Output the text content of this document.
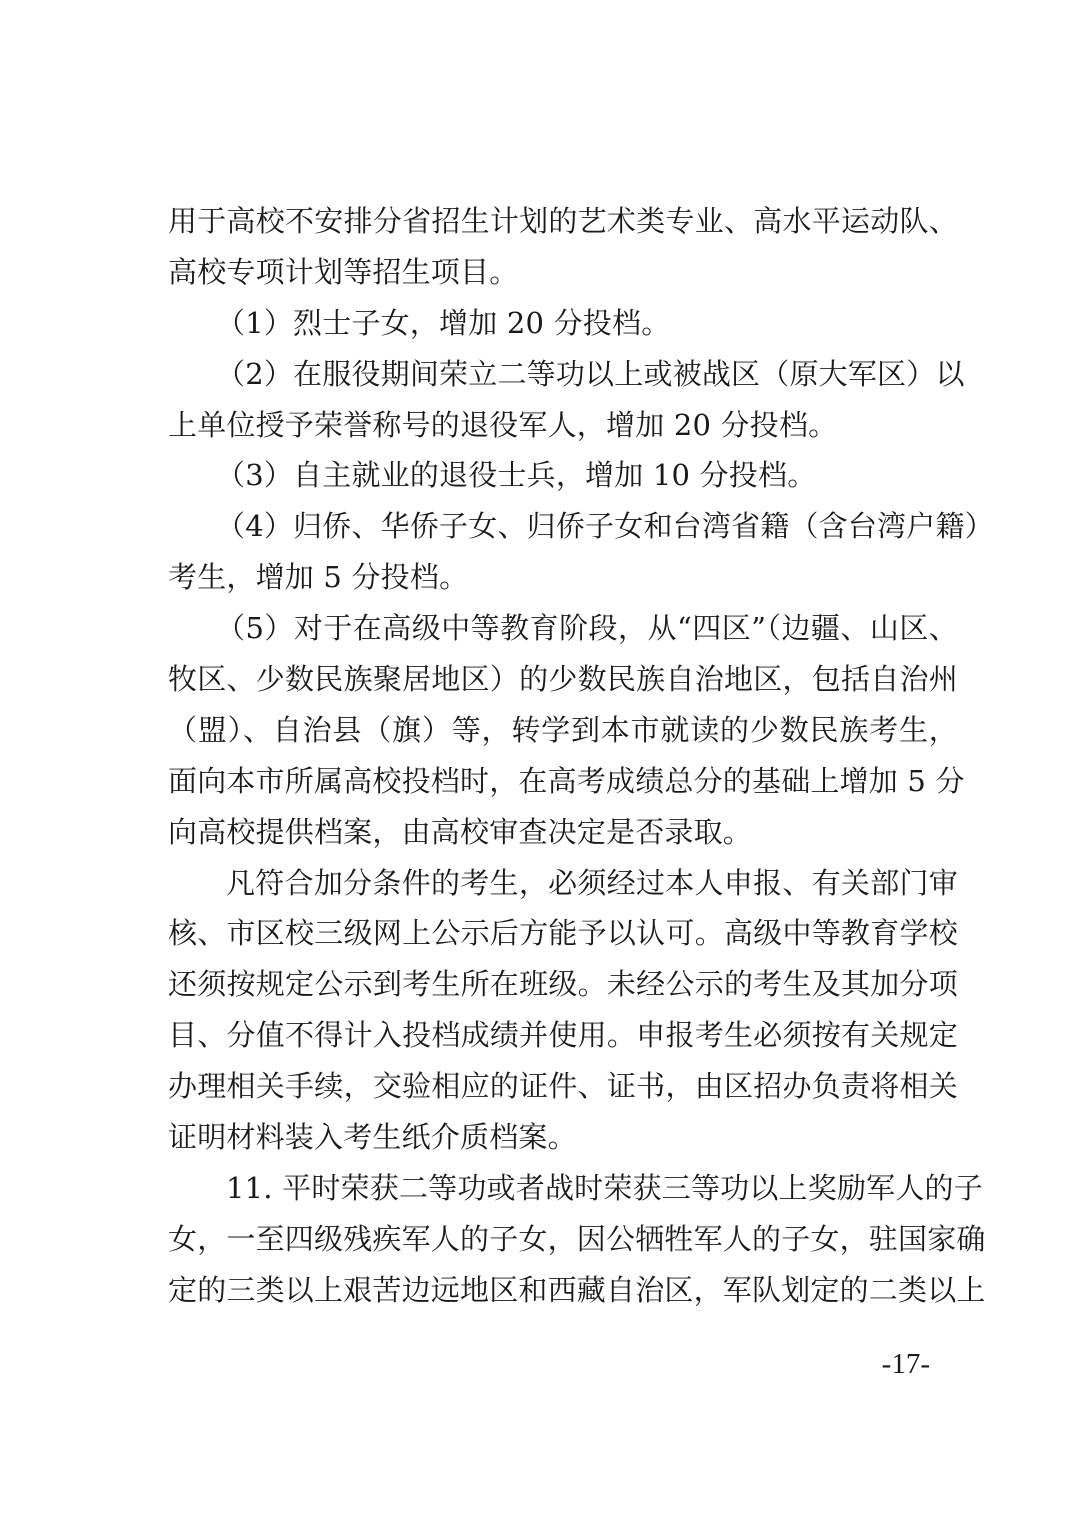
用于高校不安排分省招生计划的艺术类专业、高水平运动队、
高校专项计划等招生项目。
（1）烈士子女，增加 20 分投档。
（2）在服役期间荣立二等功以上或被战区（原大军区）以
上单位授予荣誉称号的退役军人，增加 20 分投档。
（3）自主就业的退役士兵，增加 10 分投档。
（4）归侨、华侨子女、归侨子女和台湾省籍（含台湾户籍）
考生，增加 5 分投档。
（5）对于在高级中等教育阶段，从“四区”（边疆、山区、
牧区、少数民族聚居地区）的少数民族自治地区，包括自治州
（盟）、自治县（旗）等，转学到本市就读的少数民族考生，
面向本市所属高校投档时，在高考成绩总分的基础上增加 5 分
向高校提供档案，由高校审查决定是否录取。
凡符合加分条件的考生，必须经过本人申报、有关部门审
核、市区校三级网上公示后方能予以认可。高级中等教育学校
还须按规定公示到考生所在班级。未经公示的考生及其加分项
目、分值不得计入投档成绩并使用。申报考生必须按有关规定
办理相关手续，交验相应的证件、证书，由区招办负责将相关
证明材料装入考生纸介质档案。
11. 平时荣获二等功或者战时荣获三等功以上奖励军人的子
女，一至四级残疾军人的子女，因公牺牲军人的子女，驻国家确
定的三类以上艰苦边远地区和西藏自治区，军队划定的二类以上
-17-
